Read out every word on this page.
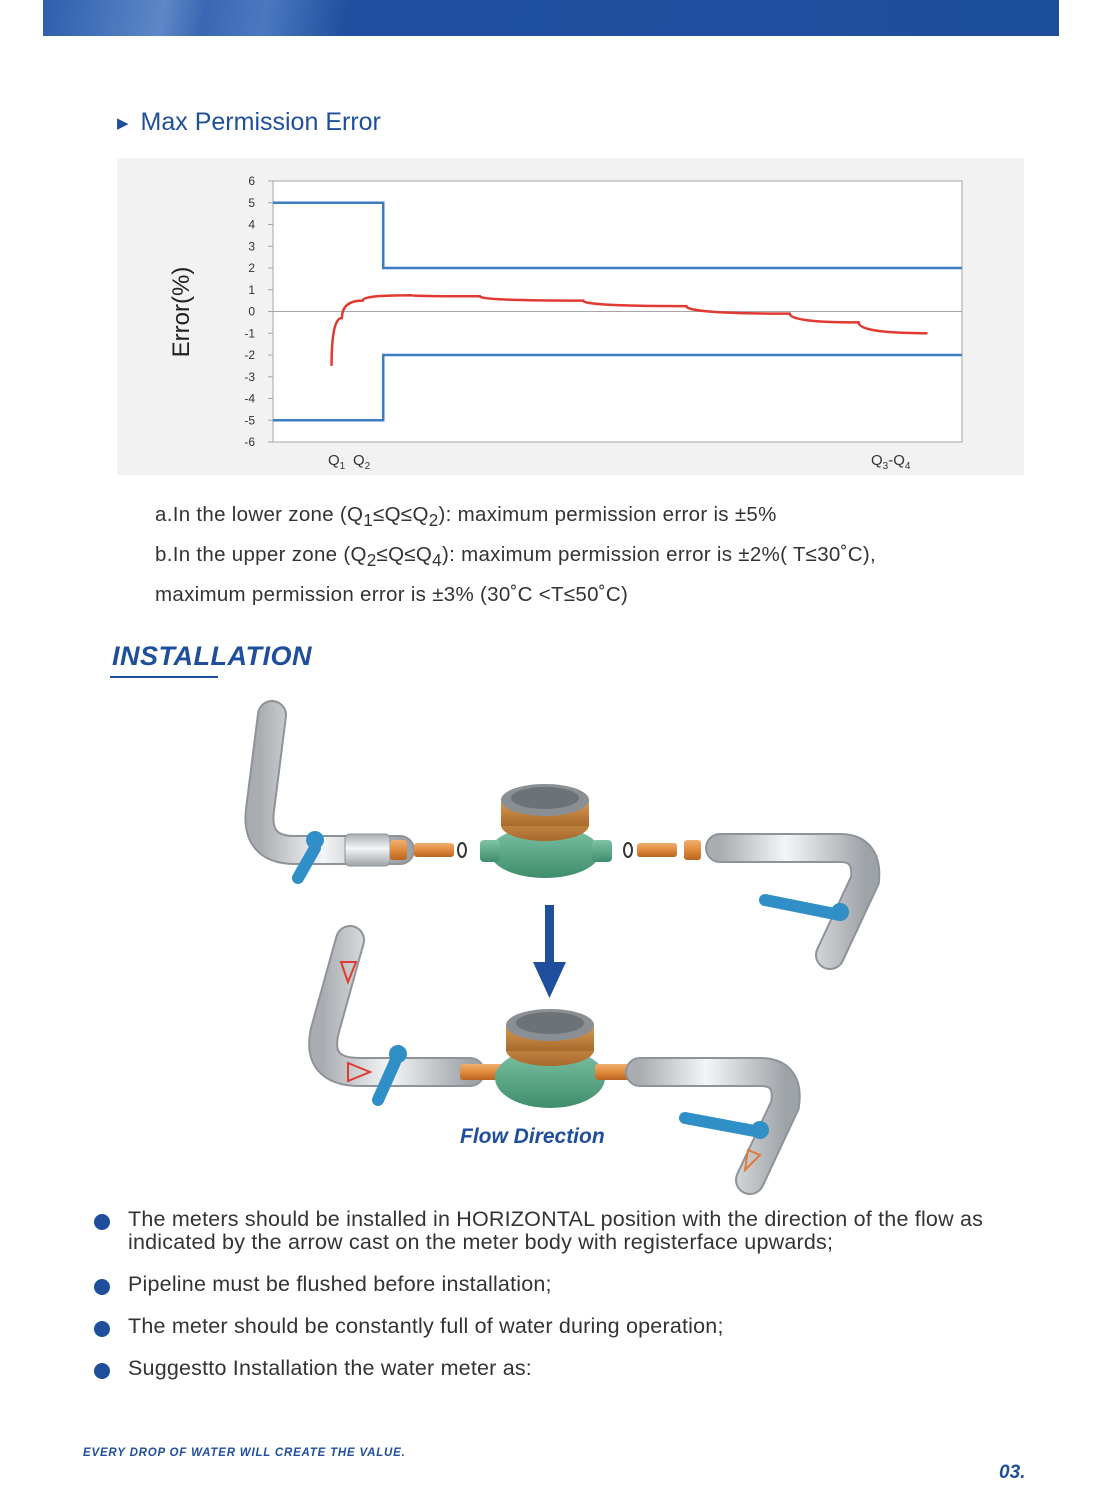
▶ Max Permission Error
6
5
4
3
2
1
0
-1
-2
-3
-4
-5
-6
Error(%)
$Q_1$ $Q_2$	$Q_3-Q_4$
a.In the lower zone $(Q_1\le Q\le Q_2)$: maximum permission error is ±5%
b.In the upper zone $(Q_2\le Q\le Q_4)$: maximum permission error is ±2%( T≤30˚C),
maximum permission error is ±3% (30˚C <T≤50˚C)
INSTALLATION
Flow Direction
The meters should be installed in HORIZONTAL position with the direction of the flow as indicated by the arrow cast on the meter body with registerface upwards;
Pipeline must be flushed before installation;
The meter should be constantly full of water during operation;
Suggestto Installation the water meter as:
EVERY DROP OF WATER WILL CREATE THE VALUE.
03.
